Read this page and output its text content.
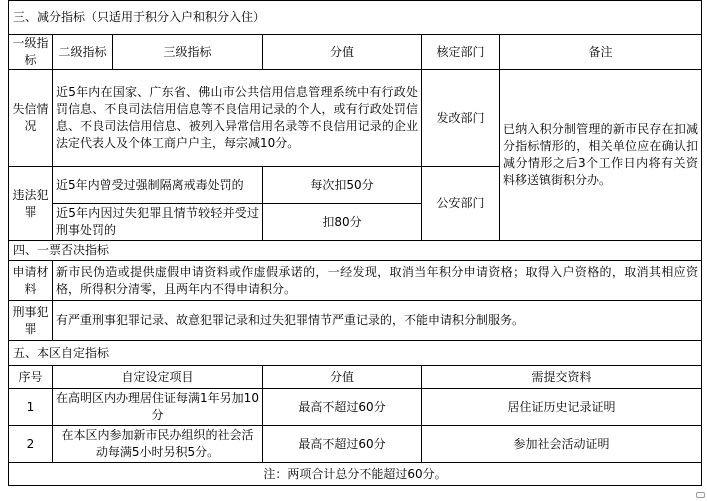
三、减分指标（只适用于积分入户和积分入住）					
一级指标	二级指标	三级指标	分值	核定部门	备注
失信情况	近5年内在国家、广东省、佛山市公共信用信息管理系统中有行政处罚信息、不良司法信用信息等不良信用记录的个人，或有行政处罚信息、不良司法信用信息、被列入异常信用名录等不良信用记录的企业法定代表人及个体工商户户主，每宗减10分。			发改部门	已纳入积分制管理的新市民存在扣减分指标情形的，相关单位应在确认扣减分情形之后3个工作日内将有关资料移送镇街积分办。
违法犯罪	近5年内曾受过强制隔离戒毒处罚的		每次扣50分	公安部门	
	近5年内因过失犯罪且情节较轻并受过刑事处罚的		扣80分		
四、一票否决指标					
申请材料	新市民伪造或提供虚假申请资料或作虚假承诺的，一经发现，取消当年积分申请资格；取得入户资格的，取消其相应资格，所得积分清零，且两年内不得申请积分。				
刑事犯罪	有严重刑事犯罪记录、故意犯罪记录和过失犯罪情节严重记录的，不能申请积分制服务。				
五、本区自定指标					
序号	自定设定项目		分值	需提交资料	
1	在高明区内办理居住证每满1年另加10分		最高不超过60分	居住证历史记录证明	
2	在本区内参加新市民办组织的社会活动每满5小时另积5分。		最高不超过60分	参加社会活动证明	
注：两项合计总分不能超过60分。					
